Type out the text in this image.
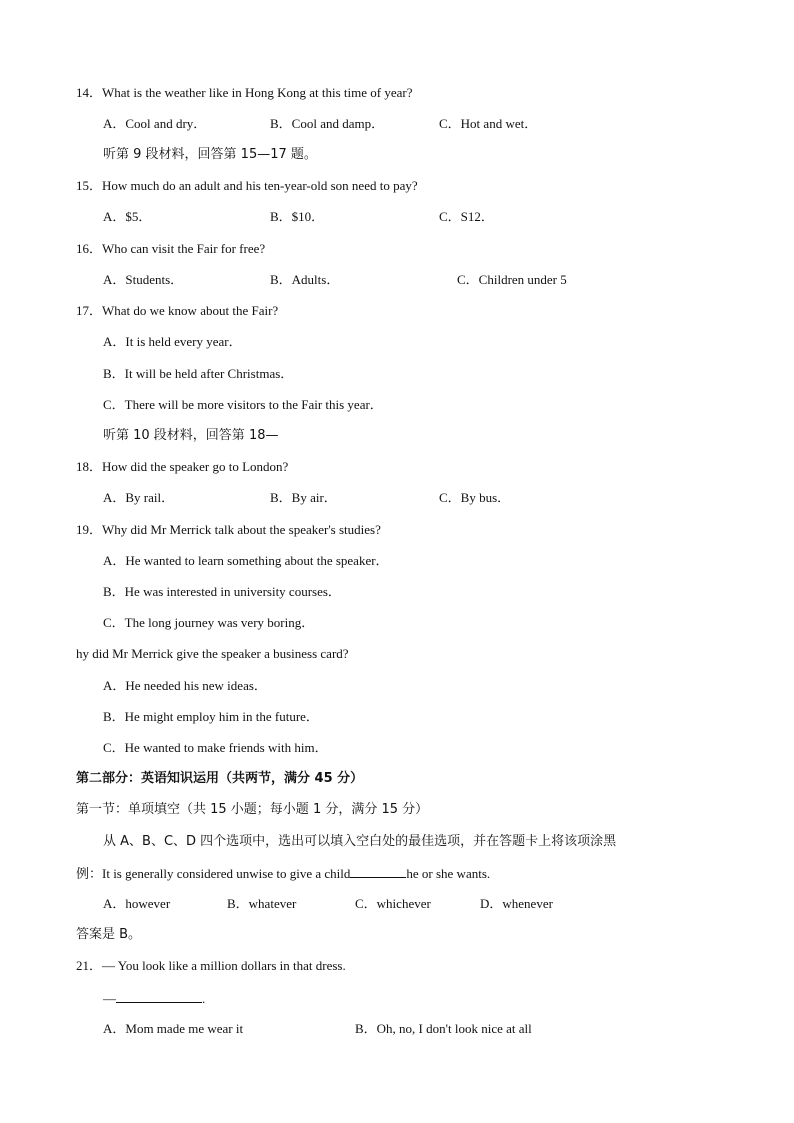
14．What is the weather like in Hong Kong at this time of year?
A．Cool and dry．	B．Cool and damp．	C．Hot and wet．
听第 9 段材料，回答第 15—17 题。
15．How much do an adult and his ten-year-old son need to pay?
A．$5．	B．$10．	C．S12．
16．Who can visit the Fair for free?
A．Students．	B．Adults．	C．Children under 5
17．What do we know about the Fair?
A．It is held every year．
B．It will be held after Christmas．
C．There will be more visitors to the Fair this year．
听第 10 段材料，回答第 18—
18．How did the speaker go to London?
A．By rail．	B．By air．	C．By bus．
19．Why did Mr Merrick talk about the speaker's studies?
A．He wanted to learn something about the speaker．
B．He was interested in university courses．
C．The long journey was very boring．
hy did Mr Merrick give the speaker a business card?
A．He needed his new ideas．
B．He might employ him in the future．
C．He wanted to make friends with him．
第二部分：英语知识运用（共两节，满分 45 分）
第一节：单项填空（共 15 小题；每小题 1 分，满分 15 分）
从 A、B、C、D 四个选项中，选出可以填入空白处的最佳选项，并在答题卡上将该项涂黑
例：It is generally considered unwise to give a child	he or she wants.
A．however	B．whatever	C．whichever	D．whenever
答案是 B。
21．— You look like a million dollars in that dress.
—	.
A．Mom made me wear it	B．Oh, no, I don't look nice at all
